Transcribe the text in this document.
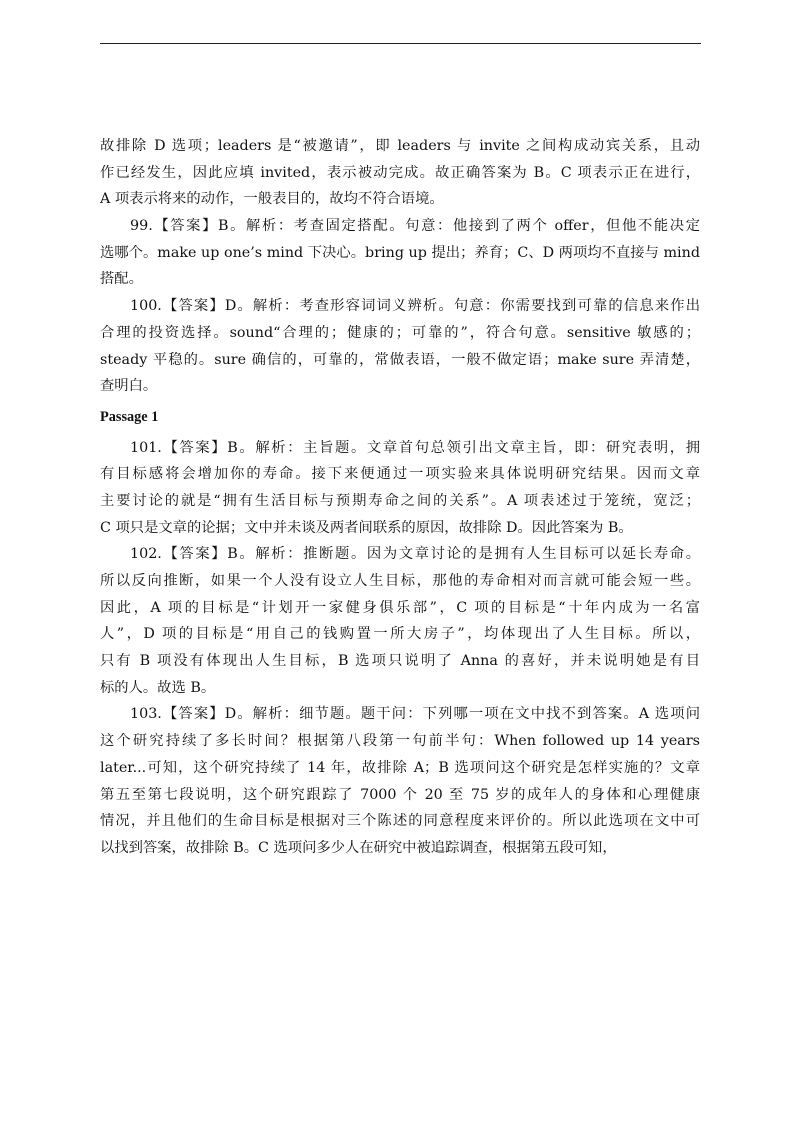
故排除 D 选项；leaders 是“被邀请”，即 leaders 与 invite 之间构成动宾关系，且动

作已经发生，因此应填 invited，表示被动完成。故正确答案为 B。C 项表示正在进行，

A 项表示将来的动作，一般表目的，故均不符合语境。

99.【答案】B。解析：考查固定搭配。句意：他接到了两个 offer，但他不能决定

选哪个。make up one’s mind 下决心。bring up 提出；养育；C、D 两项均不直接与 mind

搭配。

100.【答案】D。解析：考查形容词词义辨析。句意：你需要找到可靠的信息来作出

合理的投资选择。sound“合理的；健康的；可靠的”，符合句意。sensitive 敏感的；

steady 平稳的。sure 确信的，可靠的，常做表语，一般不做定语；make sure 弄清楚，

查明白。

Passage 1

101.【答案】B。解析：主旨题。文章首句总领引出文章主旨，即：研究表明，拥

有目标感将会增加你的寿命。接下来便通过一项实验来具体说明研究结果。因而文章

主要讨论的就是“拥有生活目标与预期寿命之间的关系”。A 项表述过于笼统，宽泛；

C 项只是文章的论据；文中并未谈及两者间联系的原因，故排除 D。因此答案为 B。

102.【答案】B。解析：推断题。因为文章讨论的是拥有人生目标可以延长寿命。

所以反向推断，如果一个人没有设立人生目标，那他的寿命相对而言就可能会短一些。

因此，A 项的目标是“计划开一家健身俱乐部”，C 项的目标是“十年内成为一名富

人”，D 项的目标是“用自己的钱购置一所大房子”，均体现出了人生目标。所以，

只有 B 项没有体现出人生目标，B 选项只说明了 Anna 的喜好，并未说明她是有目

标的人。故选 B。

103.【答案】D。解析：细节题。题干问：下列哪一项在文中找不到答案。A 选项问

这个研究持续了多长时间？根据第八段第一句前半句：When followed up 14 years

later...可知，这个研究持续了 14 年，故排除 A；B 选项问这个研究是怎样实施的？文章

第五至第七段说明，这个研究跟踪了 7000 个 20 至 75 岁的成年人的身体和心理健康

情况，并且他们的生命目标是根据对三个陈述的同意程度来评价的。所以此选项在文中可

以找到答案，故排除 B。C 选项问多少人在研究中被追踪调查，根据第五段可知，
